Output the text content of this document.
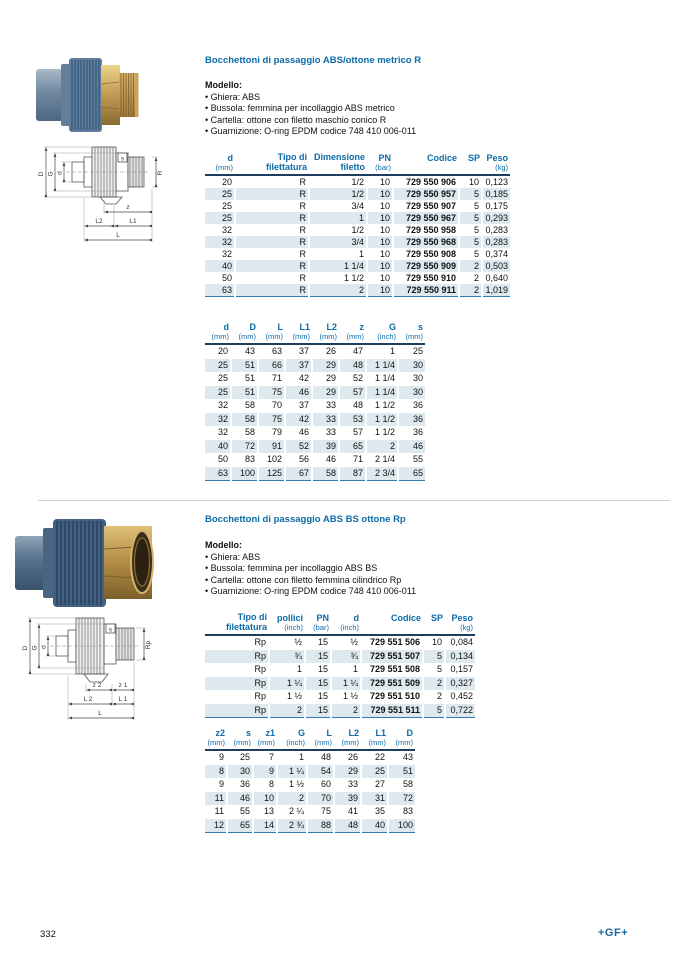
Bocchettoni di passaggio ABS/ottone metrico R
Modello:
• Ghiera: ABS
• Bussola: femmina per incollaggio ABS metrico
• Cartella: ottone con filetto maschio conico R
• Guarnizione: O-ring EPDM codice 748 410 006-011
D G d
s
R
z
L2	L1
L
d
(mm)

Tipo di
filettatura

Dimensione
filetto

PN
(bar)

Codice	SP	Peso
(kg)

20	R	1/2	10	729 550 906	10	0,123
25	R	1/2	10	729 550 957	5	0,185
25	R	3/4	10	729 550 907	5	0,175
25	R	1	10	729 550 967	5	0,293
32	R	1/2	10	729 550 958	5	0,283
32	R	3/4	10	729 550 968	5	0,283
32	R	1	10	729 550 908	5	0,374
40	R	1 1/4	10	729 550 909	2	0,503
50	R	1 1/2	10	729 550 910	2	0,640
63	R	2	10	729 550 911	2	1,019
d
(mm)

D
(mm)

L
(mm)

L1
(mm)

L2
(mm)

z
(mm)

G
(inch)

s
(mm)

20	43	63	37	26	47	1	25
25	51	66	37	29	48	1 1/4	30
25	51	71	42	29	52	1 1/4	30
25	51	75	46	29	57	1 1/4	30
32	58	70	37	33	48	1 1/2	36
32	58	75	42	33	53	1 1/2	36
32	58	79	46	33	57	1 1/2	36
40	72	91	52	39	65	2	46
50	83	102	56	46	71	2 1/4	55
63	100	125	67	58	87	2 3/4	65
Bocchettoni di passaggio ABS BS ottone Rp
Modello:
• Ghiera: ABS
• Bussola: femmina per incollaggio ABS BS
• Cartella: ottone con filetto femmina cilindrico Rp
• Guarnizione: O-ring EPDM codice 748 410 006-011
D G d
s
Rp
z 2	z 1
L 2	L 1
L
Tipo di
filettatura

pollici
(inch)

PN
(bar)

d
(inch)

Codice	SP	Peso
(kg)

Rp	½	15	½	729 551 506	10	0,084
Rp	¾	15	¾	729 551 507	5	0,134
Rp	1	15	1	729 551 508	5	0,157
Rp	1 ¼	15	1 ¼	729 551 509	2	0,327
Rp	1 ½	15	1 ½	729 551 510	2	0,452
Rp	2	15	2	729 551 511	5	0,722
z2
(mm)

s
(mm)

z1
(mm)

G
(inch)

L
(mm)

L2
(mm)

L1
(mm)

D
(mm)

9	25	7	1	48	26	22	43
8	30	9	1 ¼	54	29	25	51
9	36	8	1 ½	60	33	27	58
11	46	10	2	70	39	31	72
11	55	13	2 ¼	75	41	35	83
12	65	14	2 ¾	88	48	40	100
332	+GF+
